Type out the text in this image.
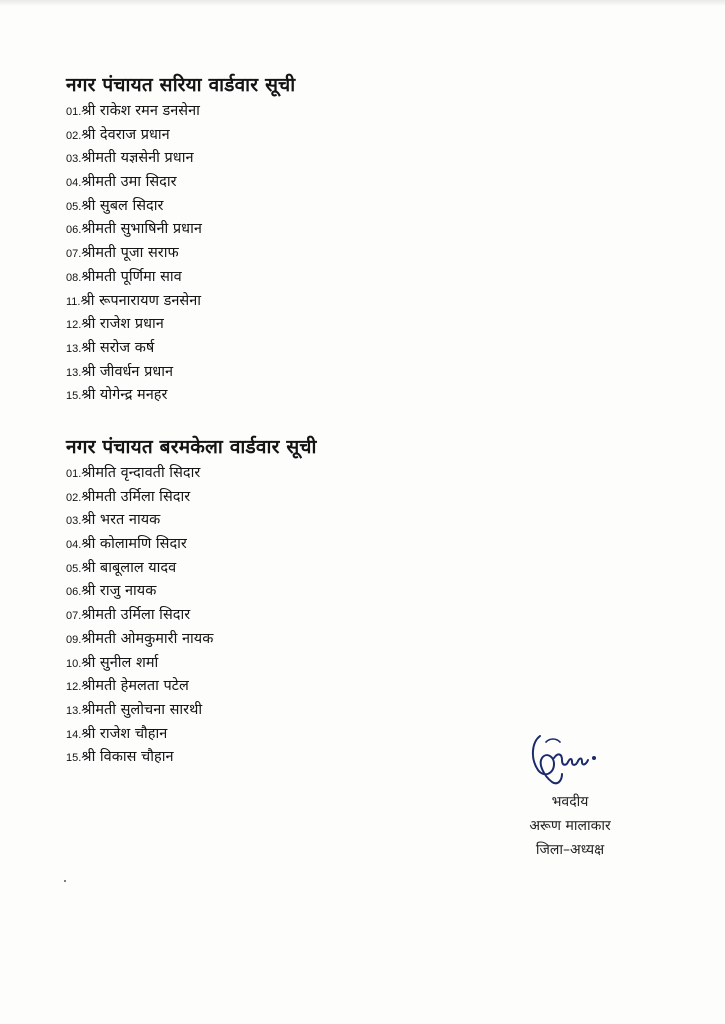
नगर पंचायत सरिया वार्डवार सूची
01.श्री राकेश रमन डनसेना
02.श्री देवराज प्रधान
03.श्रीमती यज्ञसेनी प्रधान
04.श्रीमती उमा सिदार
05.श्री सुबल सिदार
06.श्रीमती सुभाषिनी प्रधान
07.श्रीमती पूजा सराफ
08.श्रीमती पूर्णिमा साव
11.श्री रूपनारायण डनसेना
12.श्री राजेश प्रधान
13.श्री सरोज कर्ष
13.श्री जीवर्धन प्रधान
15.श्री योगेन्द्र मनहर
नगर पंचायत बरमकेला वार्डवार सूची
01.श्रीमति वृन्दावती सिदार
02.श्रीमती उर्मिला सिदार
03.श्री भरत नायक
04.श्री कोलामणि सिदार
05.श्री बाबूलाल यादव
06.श्री राजु नायक
07.श्रीमती उर्मिला सिदार
09.श्रीमती ओमकुमारी नायक
10.श्री सुनील शर्मा
12.श्रीमती हेमलता पटेल
13.श्रीमती सुलोचना सारथी
14.श्री राजेश चौहान
15.श्री विकास चौहान
भवदीय
अरूण मालाकार
जिला–अध्यक्ष
